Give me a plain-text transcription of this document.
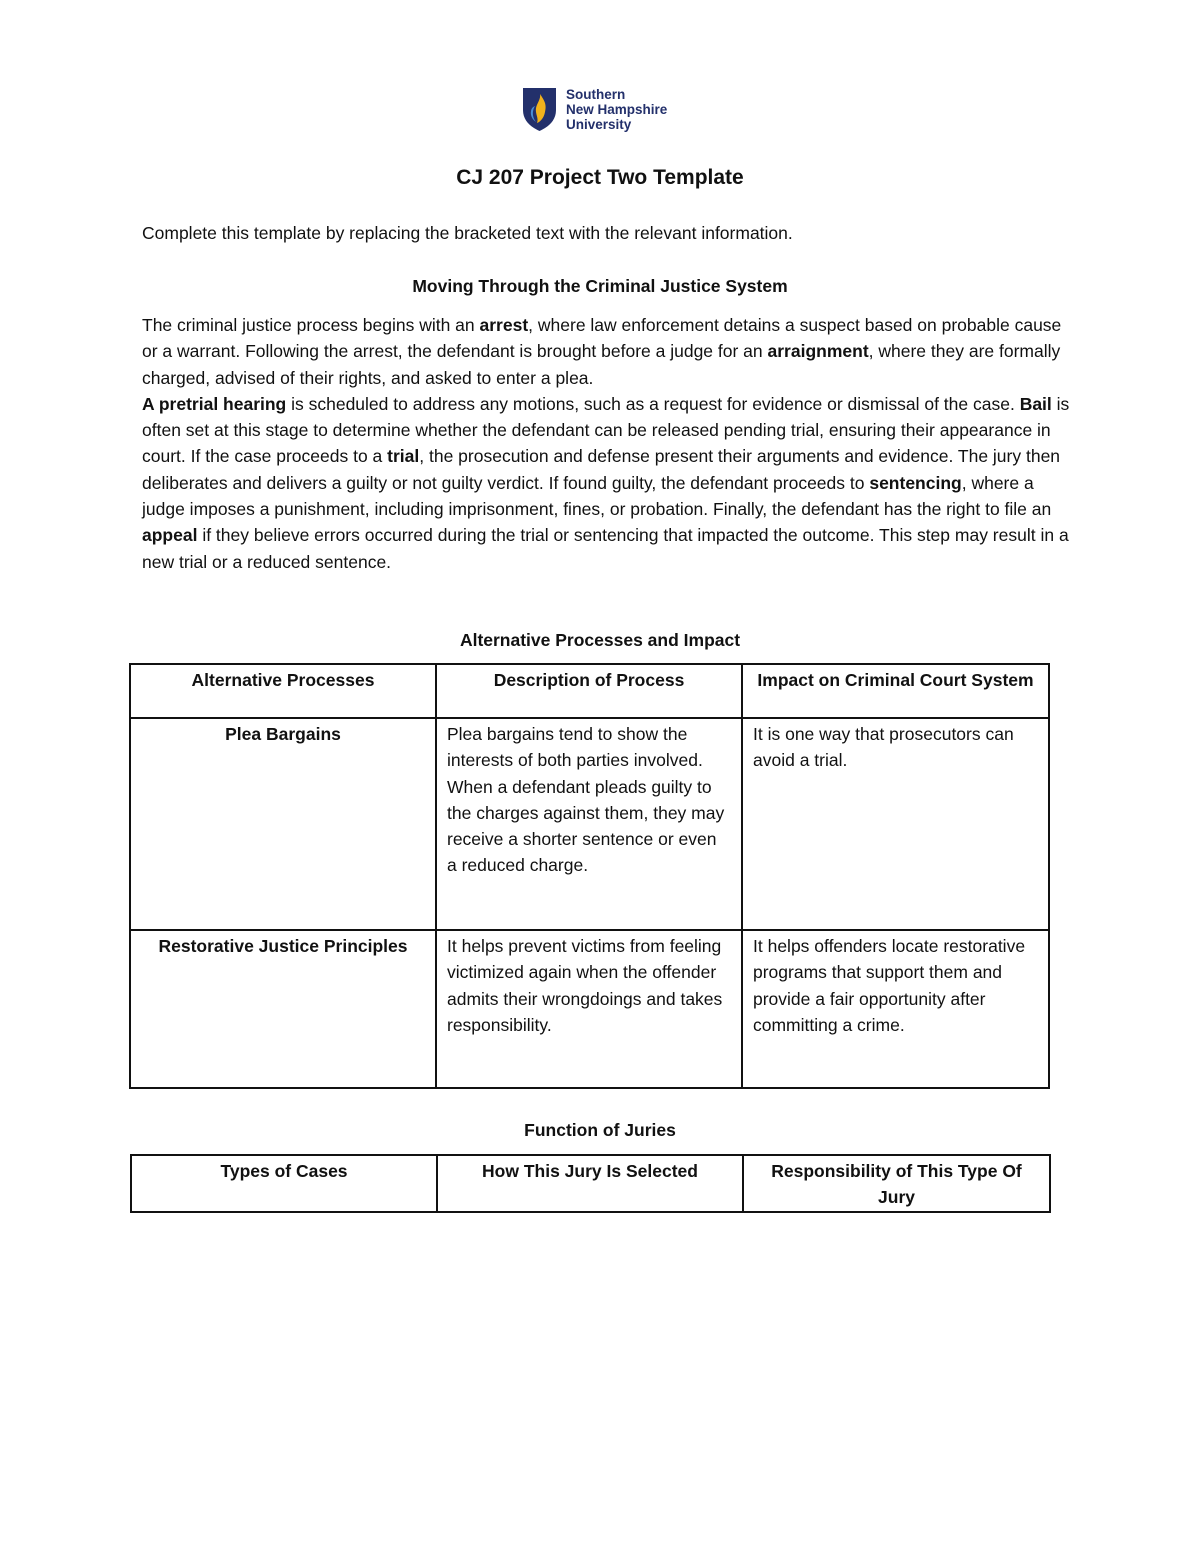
Southern
New Hampshire
University
CJ 207 Project Two Template
Complete this template by replacing the bracketed text with the relevant information.
Moving Through the Criminal Justice System
The criminal justice process begins with an arrest, where law enforcement detains a suspect based on probable cause or a warrant. Following the arrest, the defendant is brought before a judge for an arraignment, where they are formally charged, advised of their rights, and asked to enter a plea.
A pretrial hearing is scheduled to address any motions, such as a request for evidence or dismissal of the case. Bail is often set at this stage to determine whether the defendant can be released pending trial, ensuring their appearance in court. If the case proceeds to a trial, the prosecution and defense present their arguments and evidence. The jury then deliberates and delivers a guilty or not guilty verdict. If found guilty, the defendant proceeds to sentencing, where a judge imposes a punishment, including imprisonment, fines, or probation. Finally, the defendant has the right to file an appeal if they believe errors occurred during the trial or sentencing that impacted the outcome. This step may result in a new trial or a reduced sentence.
Alternative Processes and Impact
Alternative Processes	Description of Process	Impact on Criminal Court System
Plea Bargains	Plea bargains tend to show the interests of both parties involved. When a defendant pleads guilty to the charges against them, they may receive a shorter sentence or even a reduced charge.	It is one way that prosecutors can avoid a trial.
Restorative Justice Principles	It helps prevent victims from feeling victimized again when the offender admits their wrongdoings and takes responsibility.	It helps offenders locate restorative programs that support them and provide a fair opportunity after committing a crime.
Function of Juries
Types of Cases	How This Jury Is Selected	Responsibility of This Type Of Jury
